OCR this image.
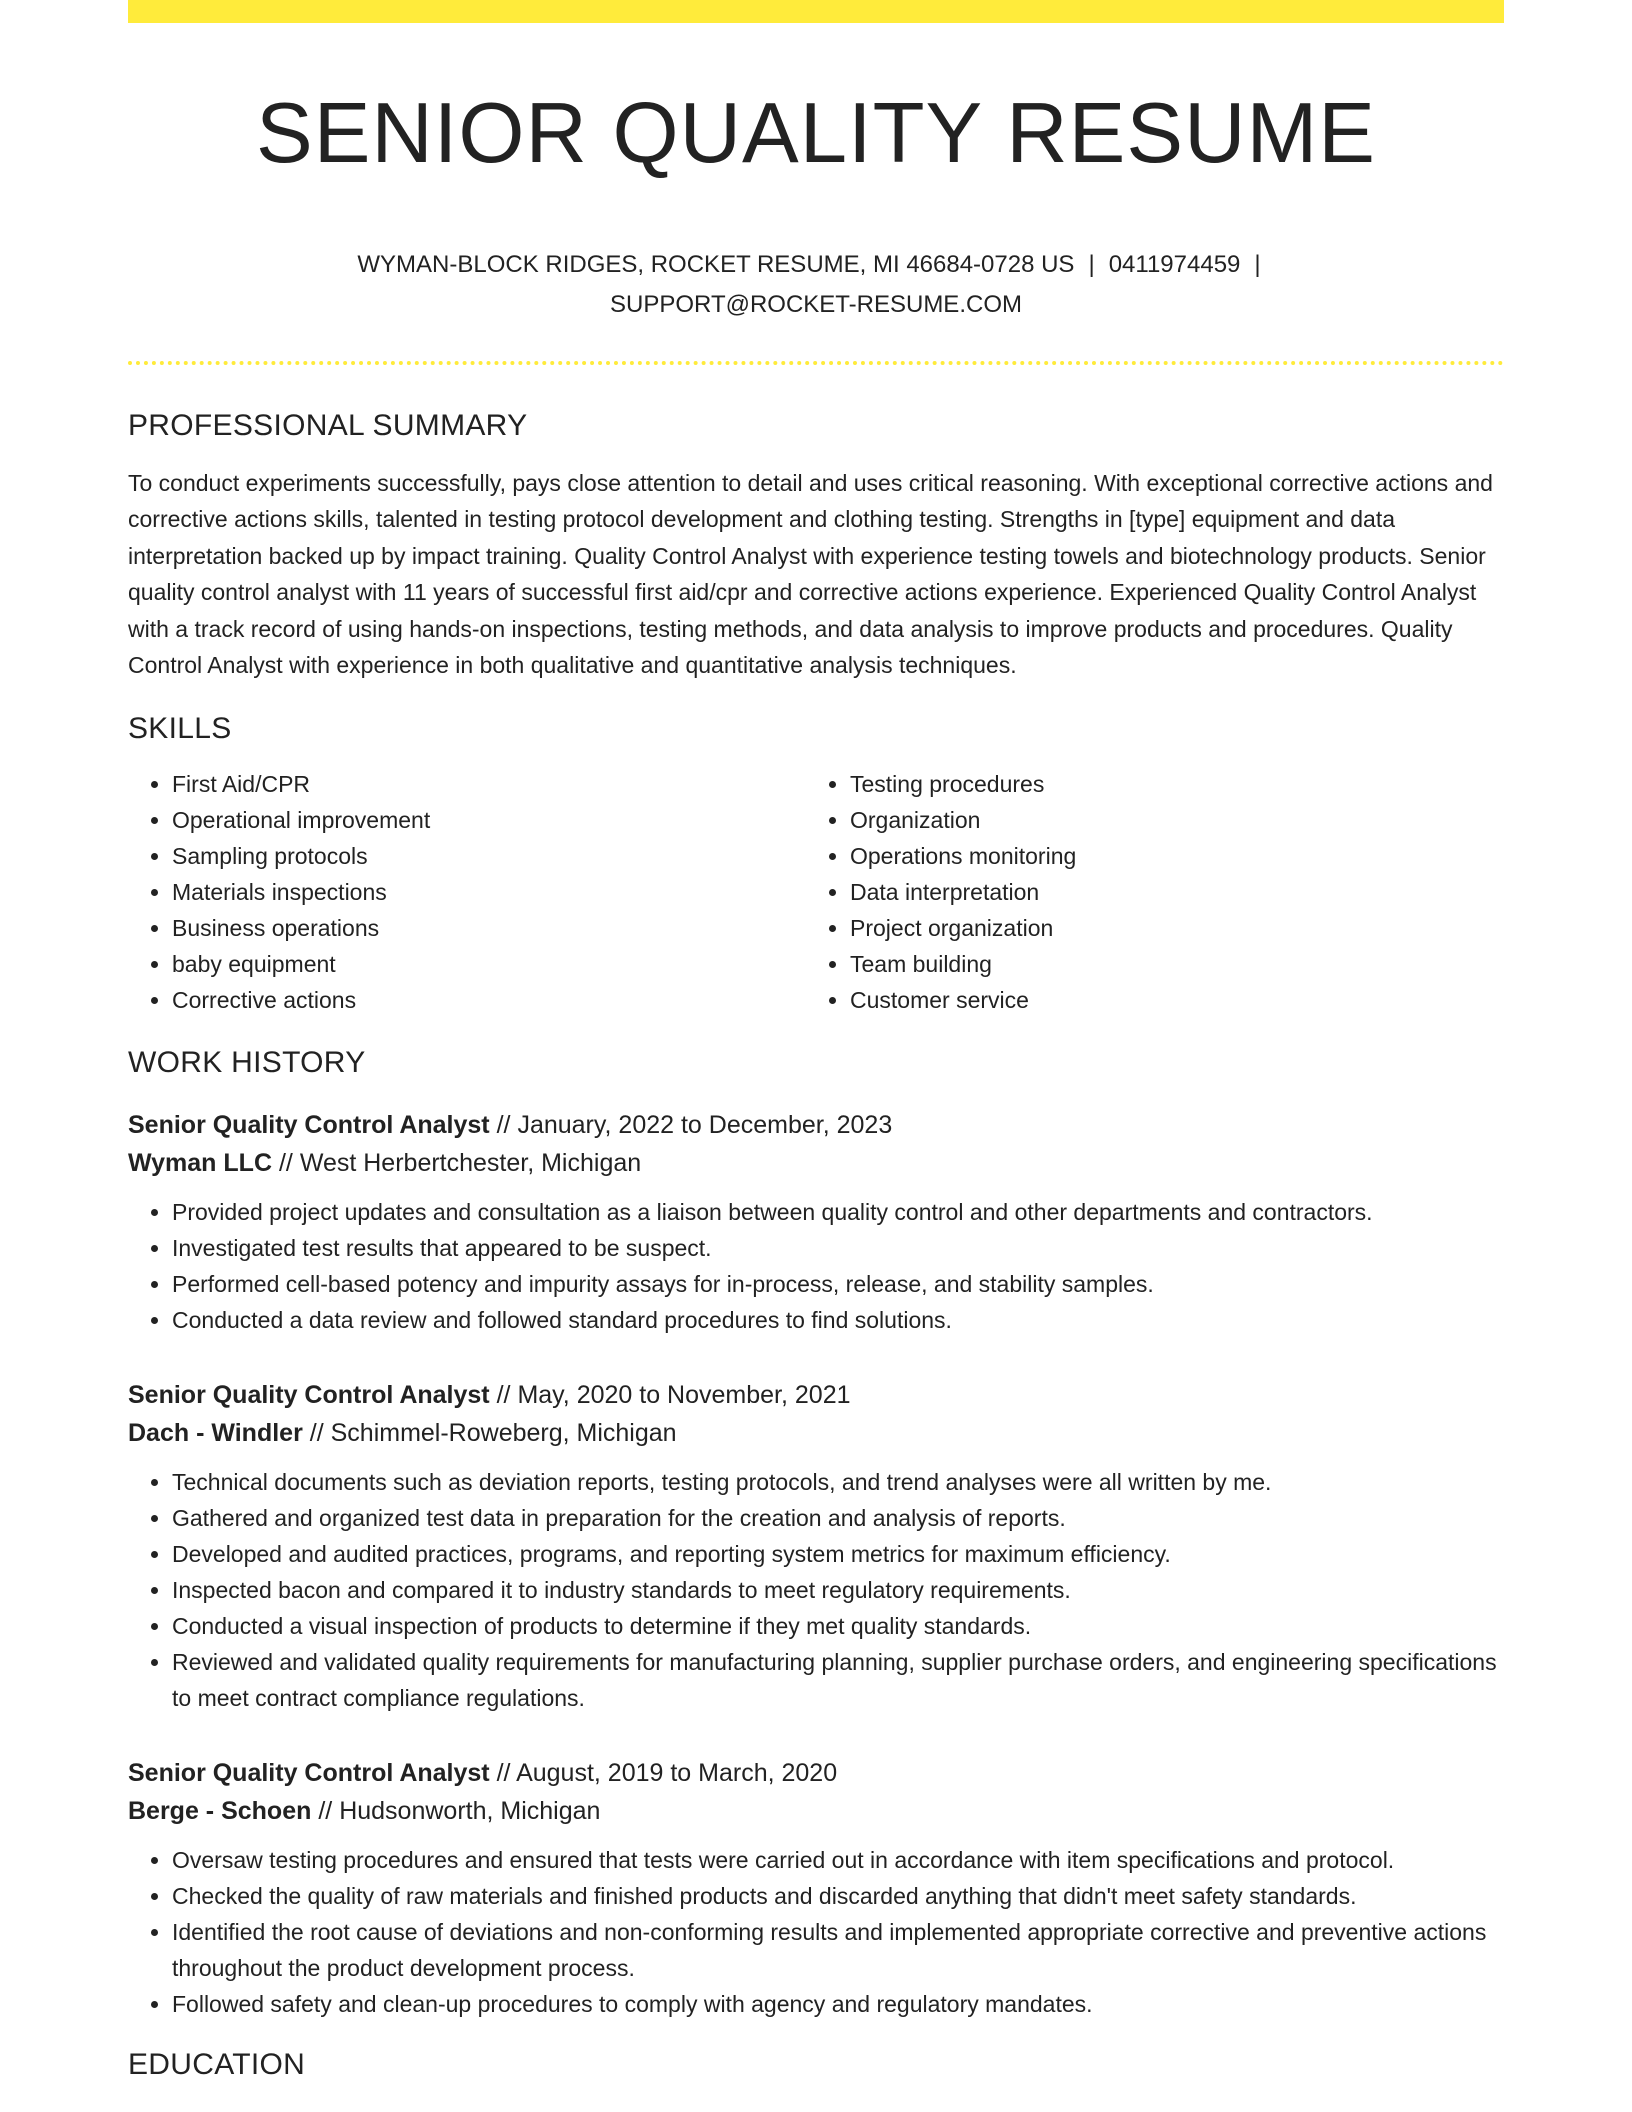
SENIOR QUALITY RESUME
WYMAN-BLOCK RIDGES, ROCKET RESUME, MI 46684-0728 US | 0411974459 |
SUPPORT@ROCKET-RESUME.COM
PROFESSIONAL SUMMARY

To conduct experiments successfully, pays close attention to detail and uses critical reasoning. With exceptional corrective actions and corrective actions skills, talented in testing protocol development and clothing testing. Strengths in [type] equipment and data interpretation backed up by impact training. Quality Control Analyst with experience testing towels and biotechnology products. Senior quality control analyst with 11 years of successful first aid/cpr and corrective actions experience. Experienced Quality Control Analyst with a track record of using hands-on inspections, testing methods, and data analysis to improve products and procedures. Quality Control Analyst with experience in both qualitative and quantitative analysis techniques.

SKILLS
• First Aid/CPR
• Operational improvement
• Sampling protocols
• Materials inspections
• Business operations
• baby equipment
• Corrective actions
• Testing procedures
• Organization
• Operations monitoring
• Data interpretation
• Project organization
• Team building
• Customer service
WORK HISTORY
Senior Quality Control Analyst // January, 2022 to December, 2023
Wyman LLC // West Herbertchester, Michigan
• Provided project updates and consultation as a liaison between quality control and other departments and contractors.
• Investigated test results that appeared to be suspect.
• Performed cell-based potency and impurity assays for in-process, release, and stability samples.
• Conducted a data review and followed standard procedures to find solutions.
Senior Quality Control Analyst // May, 2020 to November, 2021
Dach - Windler // Schimmel-Roweberg, Michigan
• Technical documents such as deviation reports, testing protocols, and trend analyses were all written by me.
• Gathered and organized test data in preparation for the creation and analysis of reports.
• Developed and audited practices, programs, and reporting system metrics for maximum efficiency.
• Inspected bacon and compared it to industry standards to meet regulatory requirements.
• Conducted a visual inspection of products to determine if they met quality standards.
• Reviewed and validated quality requirements for manufacturing planning, supplier purchase orders, and engineering specifications to meet contract compliance regulations.
Senior Quality Control Analyst // August, 2019 to March, 2020
Berge - Schoen // Hudsonworth, Michigan
• Oversaw testing procedures and ensured that tests were carried out in accordance with item specifications and protocol.
• Checked the quality of raw materials and finished products and discarded anything that didn't meet safety standards.
• Identified the root cause of deviations and non-conforming results and implemented appropriate corrective and preventive actions throughout the product development process.
• Followed safety and clean-up procedures to comply with agency and regulatory mandates.
EDUCATION
